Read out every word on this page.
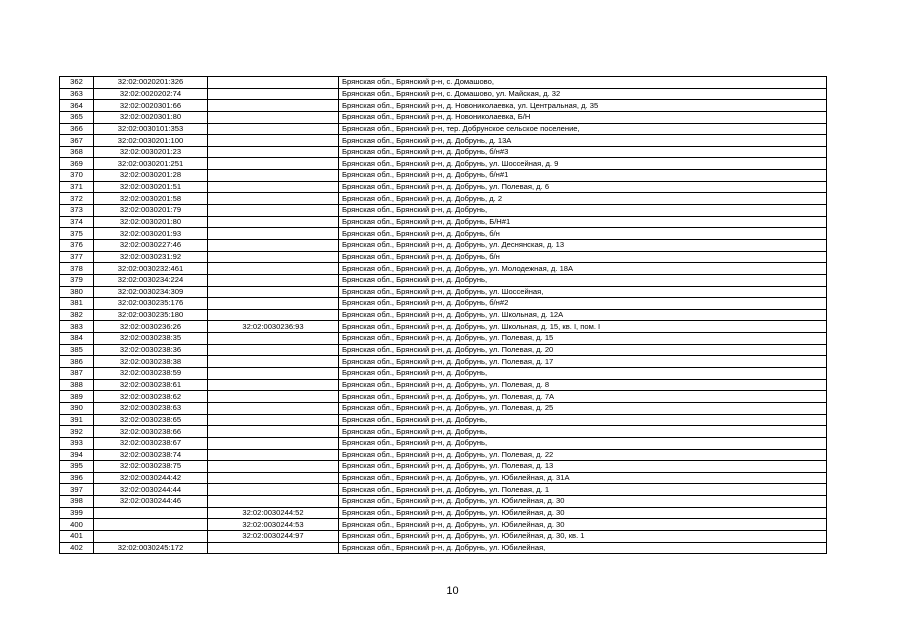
362	32:02:0020201:326		Брянская обл., Брянский р-н, с. Домашово,
363	32:02:0020202:74		Брянская обл., Брянский р-н, с. Домашово, ул. Майская, д. 32
364	32:02:0020301:66		Брянская обл., Брянский р-н, д. Новониколаевка, ул. Центральная, д. 35
365	32:02:0020301:80		Брянская обл., Брянский р-н, д. Новониколаевка, Б/Н
366	32:02:0030101:353		Брянская обл., Брянский р-н, тер. Добрунское сельское поселение,
367	32:02:0030201:100		Брянская обл., Брянский р-н, д. Добрунь, д. 13А
368	32:02:0030201:23		Брянская обл., Брянский р-н, д. Добрунь, б/н#3
369	32:02:0030201:251		Брянская обл., Брянский р-н, д. Добрунь, ул. Шоссейная, д. 9
370	32:02:0030201:28		Брянская обл., Брянский р-н, д. Добрунь, б/н#1
371	32:02:0030201:51		Брянская обл., Брянский р-н, д. Добрунь, ул. Полевая, д. 6
372	32:02:0030201:58		Брянская обл., Брянский р-н, д. Добрунь, д. 2
373	32:02:0030201:79		Брянская обл., Брянский р-н, д. Добрунь,
374	32:02:0030201:80		Брянская обл., Брянский р-н, д. Добрунь, Б/Н#1
375	32:02:0030201:93		Брянская обл., Брянский р-н, д. Добрунь, б/н
376	32:02:0030227:46		Брянская обл., Брянский р-н, д. Добрунь, ул. Деснянская, д. 13
377	32:02:0030231:92		Брянская обл., Брянский р-н, д. Добрунь, б/н
378	32:02:0030232:461		Брянская обл., Брянский р-н, д. Добрунь, ул. Молодежная, д. 18А
379	32:02:0030234:224		Брянская обл., Брянский р-н, д. Добрунь,
380	32:02:0030234:309		Брянская обл., Брянский р-н, д. Добрунь, ул. Шоссейная,
381	32:02:0030235:176		Брянская обл., Брянский р-н, д. Добрунь, б/н#2
382	32:02:0030235:180		Брянская обл., Брянский р-н, д. Добрунь, ул. Школьная, д. 12А
383	32:02:0030236:26	32:02:0030236:93	Брянская обл., Брянский р-н, д. Добрунь, ул. Школьная, д. 15, кв. I, пом. I
384	32:02:0030238:35		Брянская обл., Брянский р-н, д. Добрунь, ул. Полевая, д. 15
385	32:02:0030238:36		Брянская обл., Брянский р-н, д. Добрунь, ул. Полевая, д. 20
386	32:02:0030238:38		Брянская обл., Брянский р-н, д. Добрунь, ул. Полевая, д. 17
387	32:02:0030238:59		Брянская обл., Брянский р-н, д. Добрунь,
388	32:02:0030238:61		Брянская обл., Брянский р-н, д. Добрунь, ул. Полевая, д. 8
389	32:02:0030238:62		Брянская обл., Брянский р-н, д. Добрунь, ул. Полевая, д. 7А
390	32:02:0030238:63		Брянская обл., Брянский р-н, д. Добрунь, ул. Полевая, д. 25
391	32:02:0030238:65		Брянская обл., Брянский р-н, д. Добрунь,
392	32:02:0030238:66		Брянская обл., Брянский р-н, д. Добрунь,
393	32:02:0030238:67		Брянская обл., Брянский р-н, д. Добрунь,
394	32:02:0030238:74		Брянская обл., Брянский р-н, д. Добрунь, ул. Полевая, д. 22
395	32:02:0030238:75		Брянская обл., Брянский р-н, д. Добрунь, ул. Полевая, д. 13
396	32:02:0030244:42		Брянская обл., Брянский р-н, д. Добрунь, ул. Юбилейная, д. 31А
397	32:02:0030244:44		Брянская обл., Брянский р-н, д. Добрунь, ул. Полевая, д. 1
398	32:02:0030244:46		Брянская обл., Брянский р-н, д. Добрунь, ул. Юбилейная, д. 30
399		32:02:0030244:52	Брянская обл., Брянский р-н, д. Добрунь, ул. Юбилейная, д. 30
400		32:02:0030244:53	Брянская обл., Брянский р-н, д. Добрунь, ул. Юбилейная, д. 30
401		32:02:0030244:97	Брянская обл., Брянский р-н, д. Добрунь, ул. Юбилейная, д. 30, кв. 1
402	32:02:0030245:172		Брянская обл., Брянский р-н, д. Добрунь, ул. Юбилейная,
10
